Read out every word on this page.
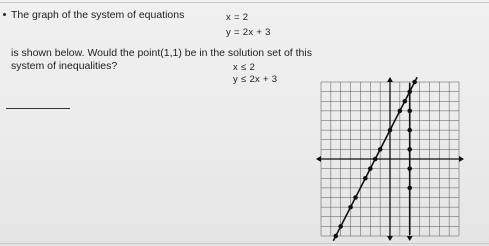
The graph of the system of equations	x = 2
y = 2x + 3
is shown below. Would the point(1,1) be in the solution set of this
system of inequalities?	x ≤ 2
y ≤ 2x + 3
